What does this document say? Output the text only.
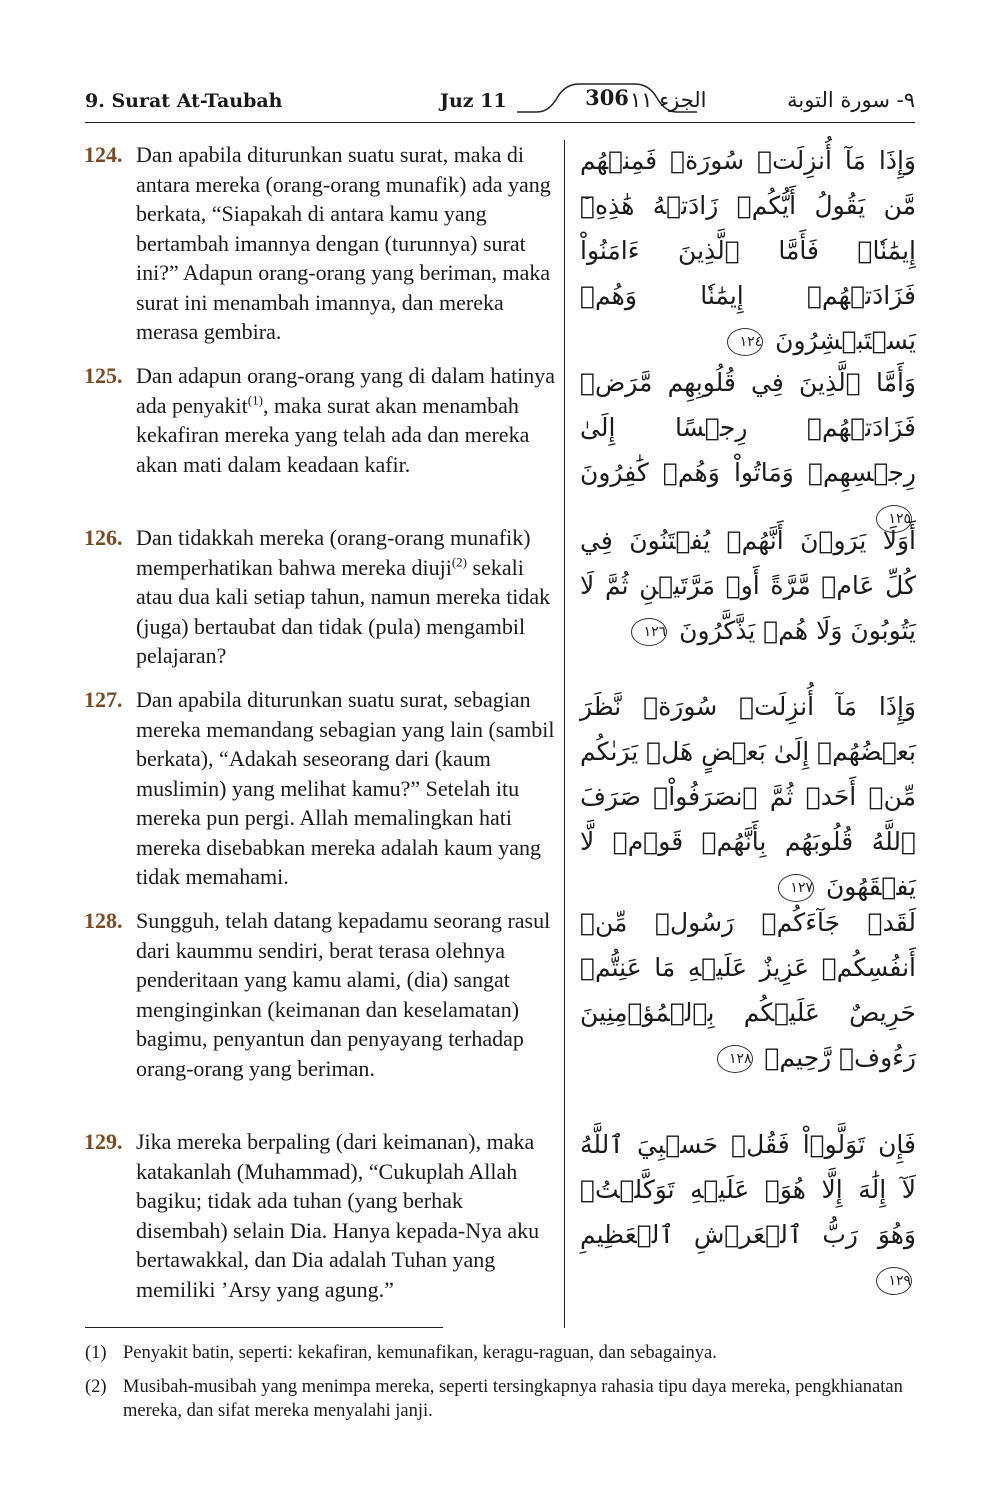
9. Surat At-Taubah	Juz 11	306 الجزء ١١	٩- سورة التوبة
124. Dan apabila diturunkan suatu surat, maka di antara mereka (orang-orang munafik) ada yang berkata, “Siapakah di antara kamu yang bertambah imannya dengan (turunnya) surat ini?” Adapun orang-orang yang beriman, maka surat ini menambah imannya, dan mereka merasa gembira.
وَإِذَا مَآ أُنزِلَتۡ سُورَةٞ فَمِنۡهُم مَّن يَقُولُ أَيُّكُمۡ زَادَتۡهُ هَٰذِهِۦٓ إِيمَٰنٗاۚ فَأَمَّا ٱلَّذِينَ ءَامَنُواْ فَزَادَتۡهُمۡ إِيمَٰنٗا وَهُمۡ يَسۡتَبۡشِرُونَ ١٢٤
125. Dan adapun orang-orang yang di dalam hatinya ada penyakit$^{(1)}$, maka surat akan menambah kekafiran mereka yang telah ada dan mereka akan mati dalam keadaan kafir.
وَأَمَّا ٱلَّذِينَ فِي قُلُوبِهِم مَّرَضٞ فَزَادَتۡهُمۡ رِجۡسًا إِلَىٰ رِجۡسِهِمۡ وَمَاتُواْ وَهُمۡ كَٰفِرُونَ ١٢٥
126. Dan tidakkah mereka (orang-orang munafik) memperhatikan bahwa mereka diuji$^{(2)}$ sekali atau dua kali setiap tahun, namun mereka tidak (juga) bertaubat dan tidak (pula) mengambil pelajaran?
أَوَلَا يَرَوۡنَ أَنَّهُمۡ يُفۡتَنُونَ فِي كُلِّ عَامٖ مَّرَّةً أَوۡ مَرَّتَيۡنِ ثُمَّ لَا يَتُوبُونَ وَلَا هُمۡ يَذَّكَّرُونَ ١٢٦
127. Dan apabila diturunkan suatu surat, sebagian mereka memandang sebagian yang lain (sambil berkata), “Adakah seseorang dari (kaum muslimin) yang melihat kamu?” Setelah itu mereka pun pergi. Allah memalingkan hati mereka disebabkan mereka adalah kaum yang tidak memahami.
وَإِذَا مَآ أُنزِلَتۡ سُورَةٞ نَّظَرَ بَعۡضُهُمۡ إِلَىٰ بَعۡضٍ هَلۡ يَرَىٰكُم مِّنۡ أَحَدٖ ثُمَّ ٱنصَرَفُواْۚ صَرَفَ ٱللَّهُ قُلُوبَهُم بِأَنَّهُمۡ قَوۡمٞ لَّا يَفۡقَهُونَ ١٢٧
128. Sungguh, telah datang kepadamu seorang rasul dari kaummu sendiri, berat terasa olehnya penderitaan yang kamu alami, (dia) sangat menginginkan (keimanan dan keselamatan) bagimu, penyantun dan penyayang terhadap orang-orang yang beriman.
لَقَدۡ جَآءَكُمۡ رَسُولٞ مِّنۡ أَنفُسِكُمۡ عَزِيزٌ عَلَيۡهِ مَا عَنِتُّمۡ حَرِيصٌ عَلَيۡكُم بِٱلۡمُؤۡمِنِينَ رَءُوفٞ رَّحِيمٞ ١٢٨
129. Jika mereka berpaling (dari keimanan), maka katakanlah (Muhammad), “Cukuplah Allah bagiku; tidak ada tuhan (yang berhak disembah) selain Dia. Hanya kepada-Nya aku bertawakkal, dan Dia adalah Tuhan yang memiliki ’Arsy yang agung.”
فَإِن تَوَلَّوۡاْ فَقُلۡ حَسۡبِيَ ٱللَّهُ لَآ إِلَٰهَ إِلَّا هُوَۖ عَلَيۡهِ تَوَكَّلۡتُۖ وَهُوَ رَبُّ ٱلۡعَرۡشِ ٱلۡعَظِيمِ ١٢٩
(1) Penyakit batin, seperti: kekafiran, kemunafikan, keragu-raguan, dan sebagainya.
(2) Musibah-musibah yang menimpa mereka, seperti tersingkapnya rahasia tipu daya mereka, pengkhianatan mereka, dan sifat mereka menyalahi janji.
